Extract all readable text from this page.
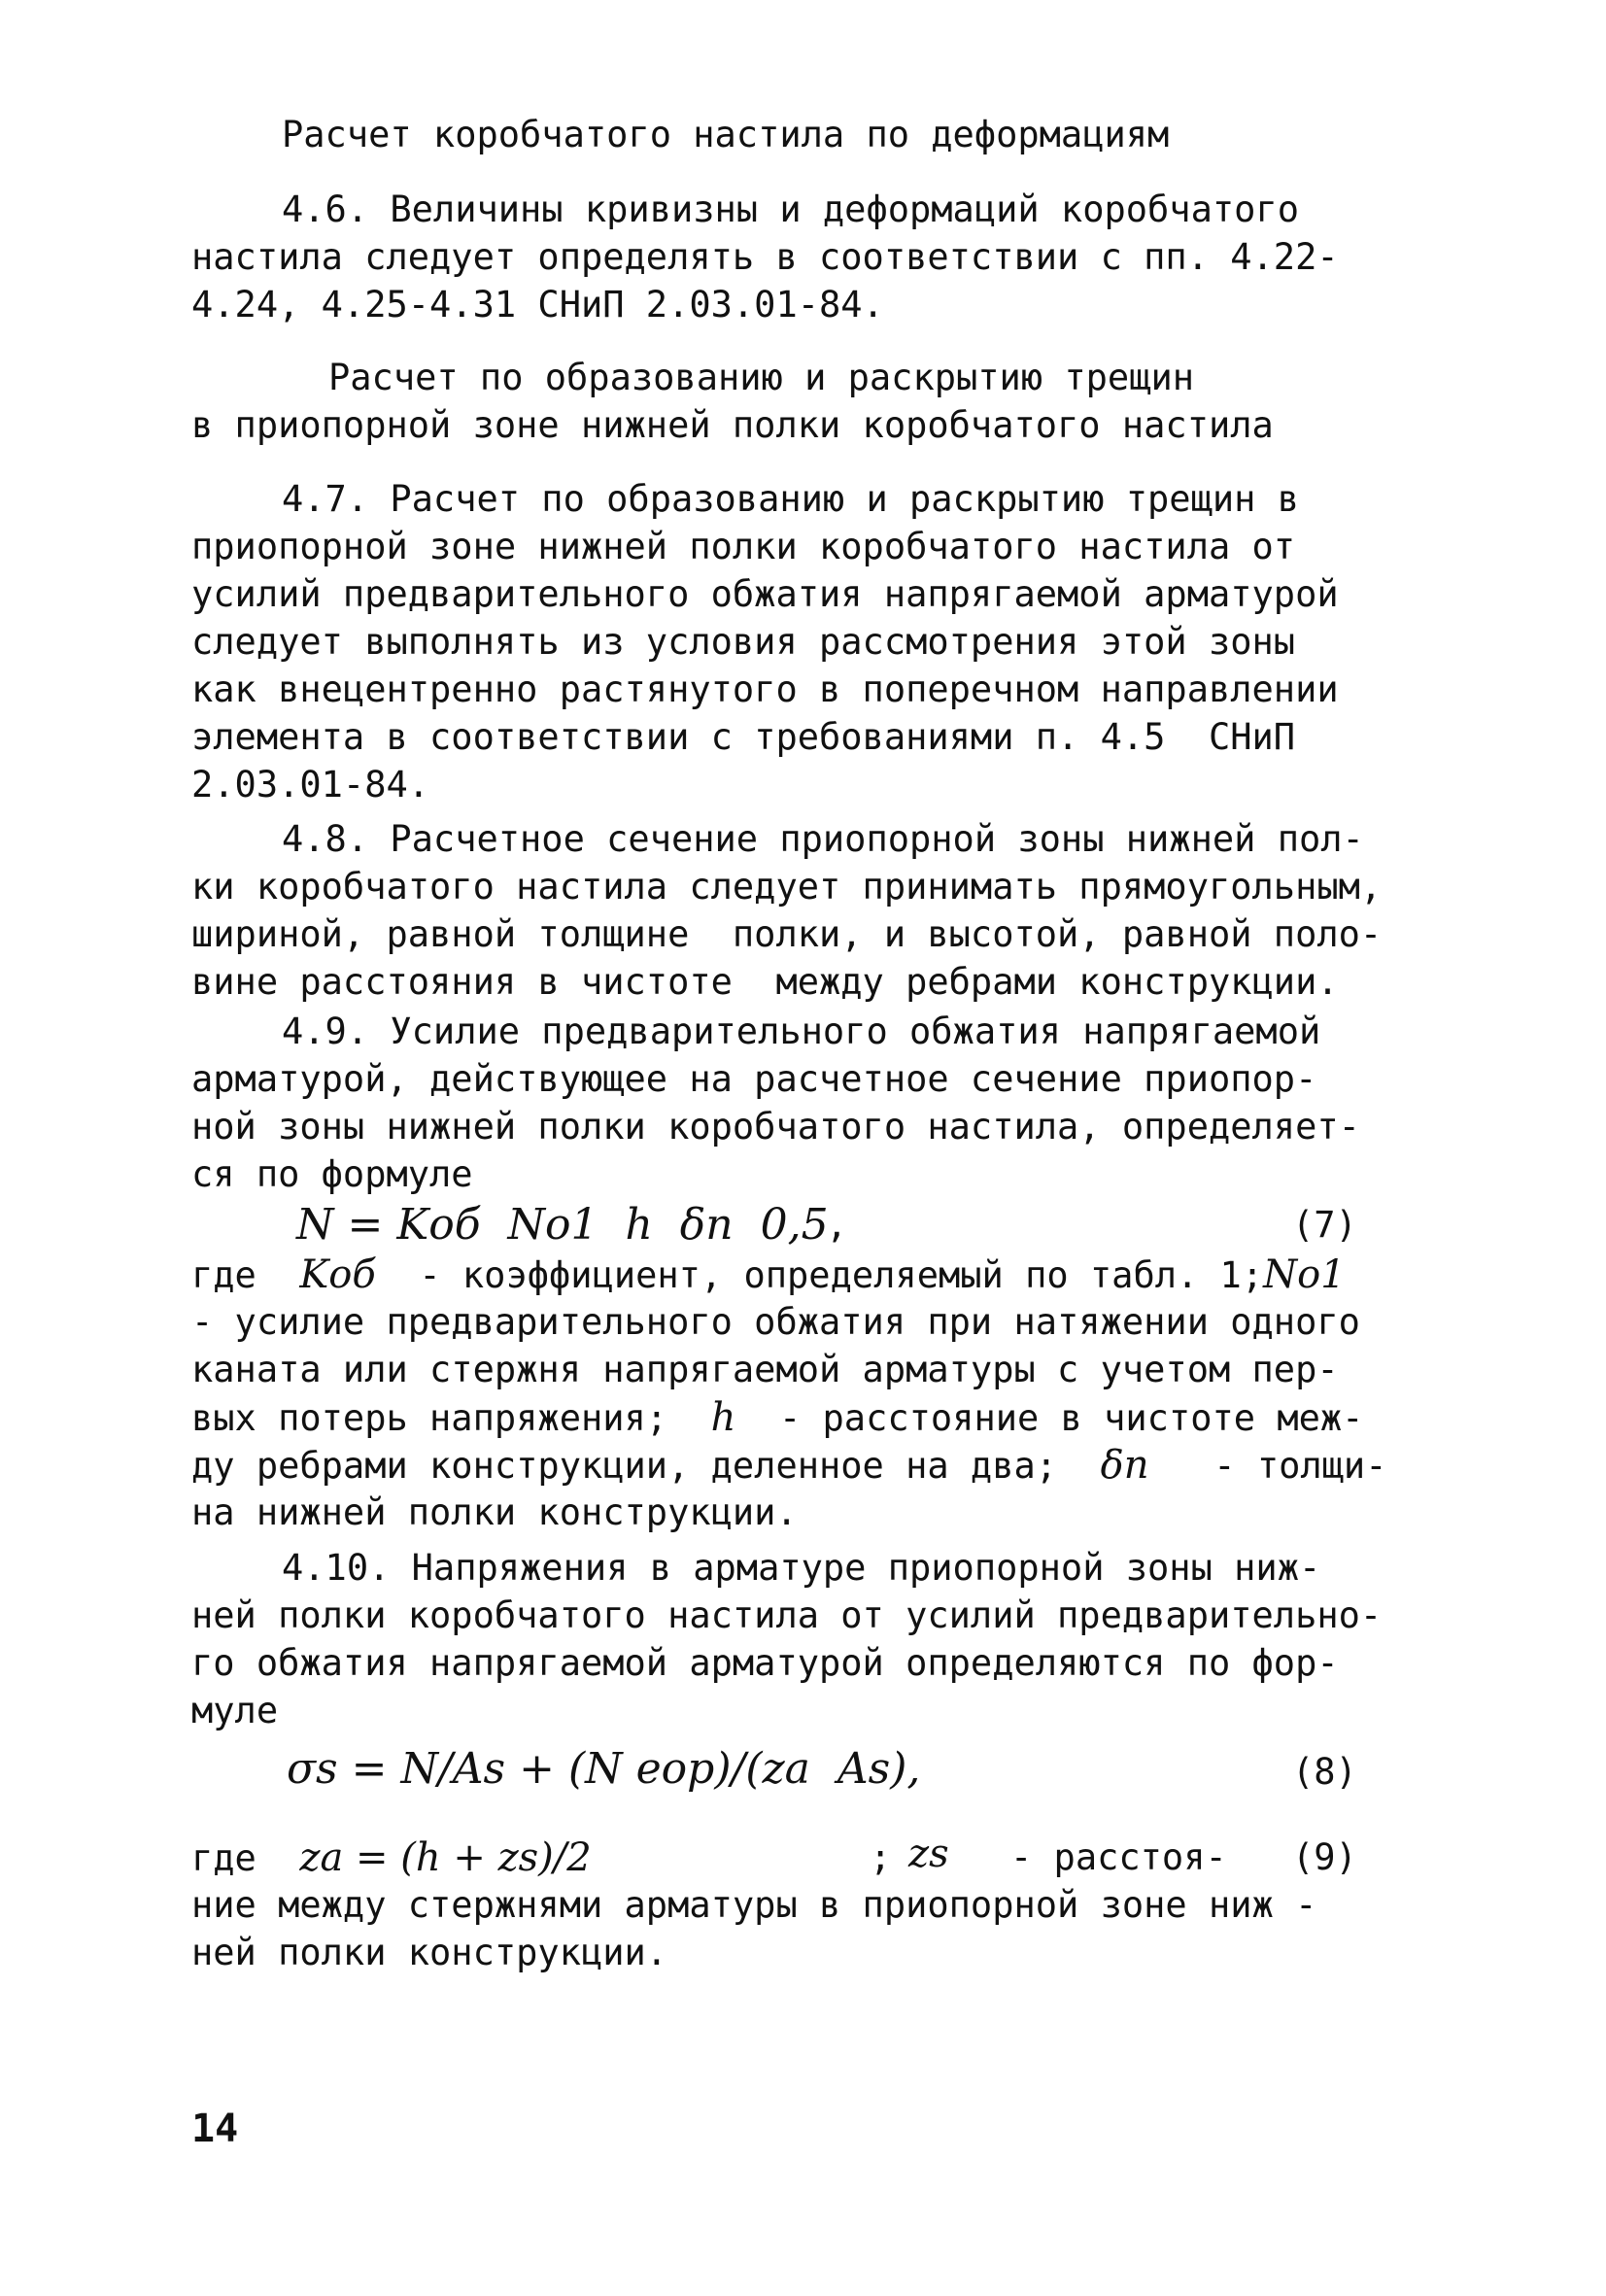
Расчет коробчатого настила по деформациям
4.6. Величины кривизны и деформаций коробчатого
настила следует определять в соответствии с пп. 4.22-
4.24, 4.25-4.31 СНиП 2.03.01-84.
Расчет по образованию и раскрытию трещин
в приопорной зоне нижней полки коробчатого настила
4.7. Расчет по образованию и раскрытию трещин в
приопорной зоне нижней полки коробчатого настила от
усилий предварительного обжатия напрягаемой арматурой
следует выполнять из условия рассмотрения этой зоны
как внецентренно растянутого в поперечном направлении
элемента в соответствии с требованиями п. 4.5  СНиП
2.03.01-84.
4.8. Расчетное сечение приопорной зоны нижней пол-
ки коробчатого настила следует принимать прямоугольным,
шириной, равной толщине  полки, и высотой, равной поло-
вине расстояния в чистоте  между ребрами конструкции.
4.9. Усилие предварительного обжатия напрягаемой
арматурой, действующее на расчетное сечение приопор-
ной зоны нижней полки коробчатого настила, определяет-
ся по формуле
N = Kоб  Nо1  h  δn  0,5
,	(7)
где Kоб - коэффициент, определяемый по табл. 1;Nо1
- усилие предварительного обжатия при натяжении одного
каната или стержня напрягаемой арматуры с учетом пер-
вых потерь напряжения; h - расстояние в чистоте меж-
ду ребрами конструкции, деленное на два; δn - толщи-
на нижней полки конструкции.
4.10. Напряжения в арматуре приопорной зоны ниж-
ней полки коробчатого настила от усилий предварительно-
го обжатия напрягаемой арматурой определяются по фор-
муле
σs = N/As + (N eop)/(za  As),	(8)
где za = (h + zs)/2	; zs - расстоя- (9)
ние между стержнями арматуры в приопорной зоне ниж -
ней полки конструкции.
14
